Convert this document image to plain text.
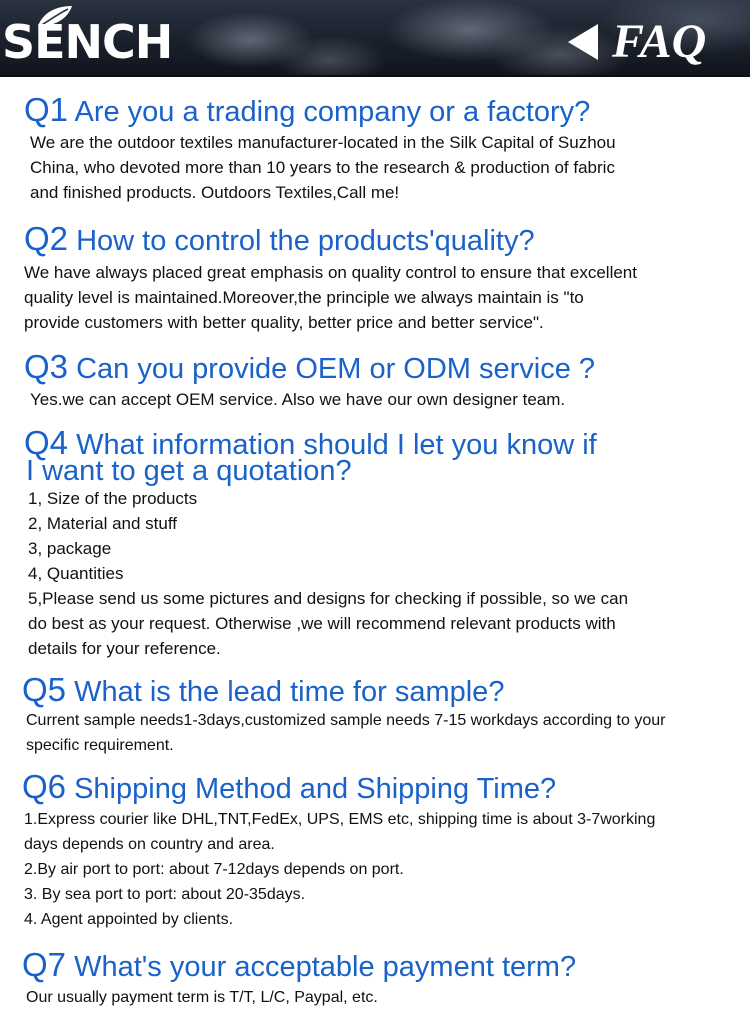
SENCH	FAQ
Q1 Are you a trading company or a factory?
We are the outdoor textiles manufacturer-located in the Silk Capital of Suzhou
China, who devoted more than 10 years to the research & production of fabric
and finished products. Outdoors Textiles,Call me!
Q2 How to control the products'quality?
We have always placed great emphasis on quality control to ensure that excellent
quality level is maintained.Moreover,the principle we always maintain is "to
provide customers with better quality, better price and better service".
Q3 Can you provide OEM or ODM service ?
Yes.we can accept OEM service. Also we have our own designer team.
Q4 What information should I let you know if
I want to get a quotation?
1, Size of the products
2, Material and stuff
3, package
4, Quantities
5,Please send us some pictures and designs for checking if possible, so we can
do best as your request. Otherwise ,we will recommend relevant products with
details for your reference.
Q5 What is the lead time for sample?
Current sample needs1-3days,customized sample needs 7-15 workdays according to your
specific requirement.
Q6 Shipping Method and Shipping Time?
1.Express courier like DHL,TNT,FedEx, UPS, EMS etc, shipping time is about 3-7working
days depends on country and area.
2.By air port to port: about 7-12days depends on port.
3. By sea port to port: about 20-35days.
4. Agent appointed by clients.
Q7 What's your acceptable payment term?
Our usually payment term is T/T, L/C, Paypal, etc.
